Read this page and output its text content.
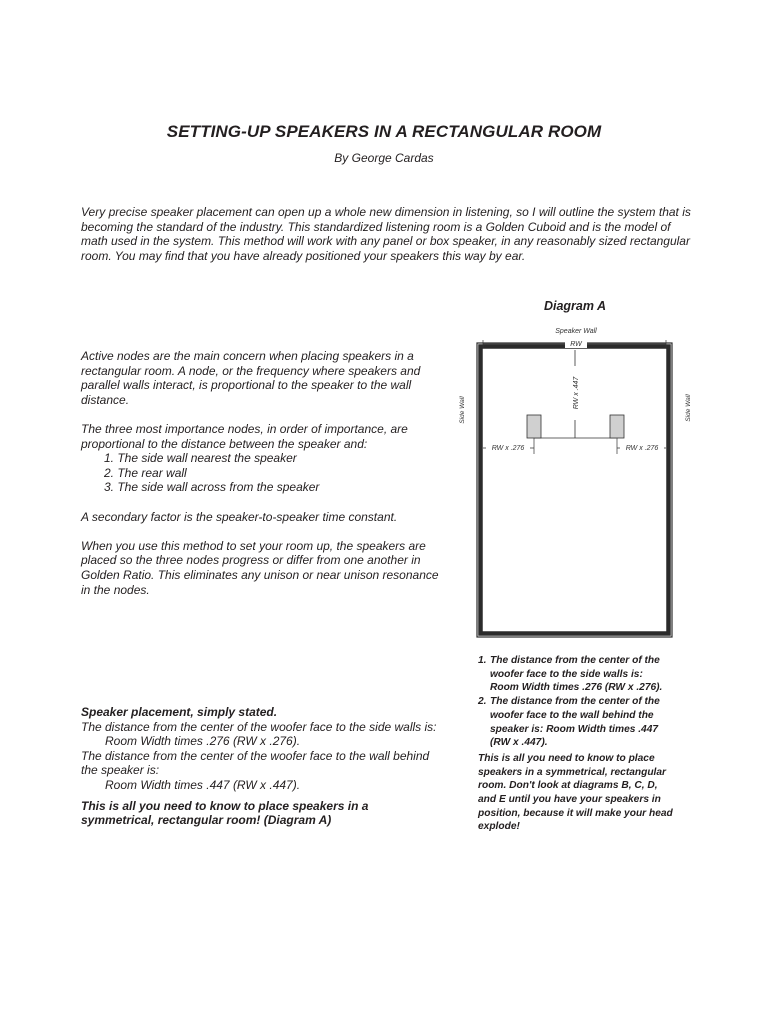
SETTING-UP SPEAKERS IN A RECTANGULAR ROOM
By George Cardas
Very precise speaker placement can open up a whole new dimension in listening, so I will outline the system that is becoming the standard of the industry. This standardized listening room is a Golden Cuboid and is the model of math used in the system. This method will work with any panel or box speaker, in any reasonably sized rectangular room. You may find that you have already positioned your speakers this way by ear.
Diagram A

Active nodes are the main concern when placing speakers in a rectangular room. A node, or the frequency where speakers and parallel walls interact, is proportional to the speaker to the wall distance.

The three most importance nodes, in order of importance, are proportional to the distance between the speaker and:

1. The side wall nearest the speaker
2. The rear wall
3. The side wall across from the speaker

A secondary factor is the speaker-to-speaker time constant.

When you use this method to set your room up, the speakers are placed so the three nodes progress or differ from one another in Golden Ratio. This eliminates any unison or near unison resonance in the nodes.

Speaker placement, simply stated.
The distance from the center of the woofer face to the side walls is:
Room Width times .276 (RW x .276).
The distance from the center of the woofer face to the wall behind the speaker is:
Room Width times .447 (RW x .447).
This is all you need to know to place speakers in a symmetrical, rectangular room! (Diagram A)
Speaker Wall
RW
Side Wall	Side Wall
RW x .447
RW x .276	RW x .276
1. The distance from the center of the
woofer face to the side walls is:
Room Width times .276 (RW x .276).
2. The distance from the center of the
woofer face to the wall behind the
speaker is: Room Width times .447
(RW x .447).
This is all you need to know to place speakers in a symmetrical, rectangular room. Don't look at diagrams B, C, D, and E until you have your speakers in position, because it will make your head explode!
